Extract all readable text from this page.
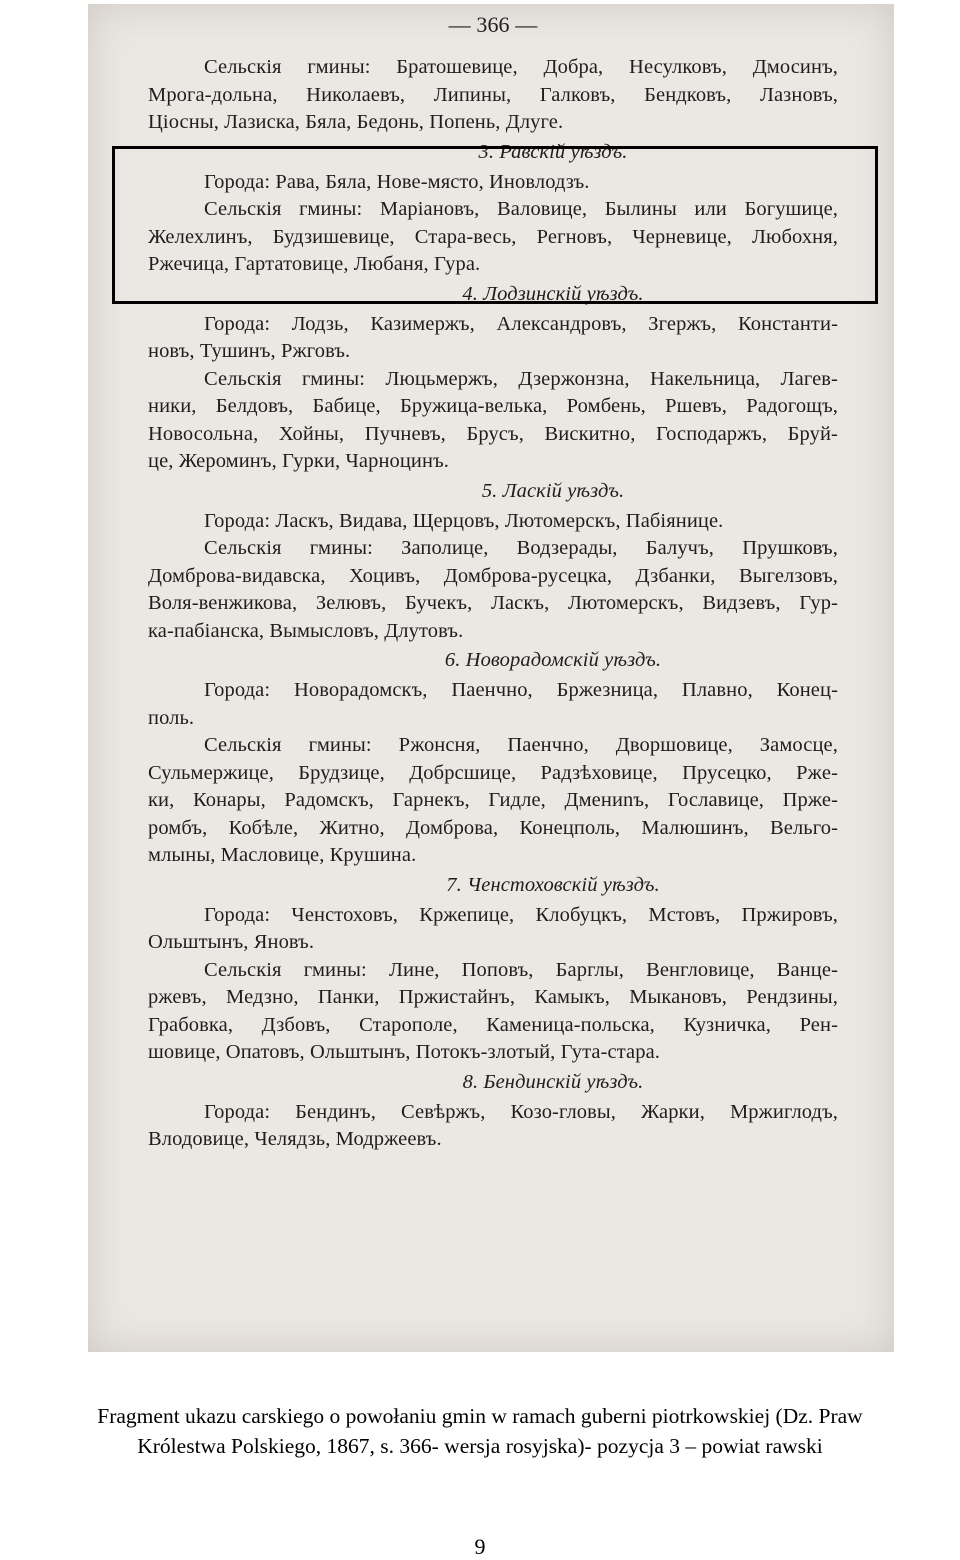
— 366 —
Сельскія гмины: Братошевице, Добра, Несулковъ, Дмосинъ,
Мрога-дольна, Николаевъ, Липины, Галковъ, Бендковъ, Лазновъ,
Ціосны, Лазиска, Бяла, Бедонь, Попень, Длуге.
3. Равскій уѣздъ.
Города: Рава, Бяла, Нове-място, Иновлодзъ.
Сельскія гмины: Маріановъ, Валовице, Былины или Богушице,
Желехлинъ, Будзишевице, Стара-весь, Регновъ, Черневице, Любохня,
Ржечица, Гартатовице, Любаня, Гура.
4. Лодзинскій уѣздъ.
Города: Лодзь, Казимержъ, Александровъ, Згержъ, Константи-
новъ, Тушинъ, Ржговъ.
Сельскія гмины: Люцьмержъ, Дзержонзна, Накельница, Лагев-
ники, Белдовъ, Бабице, Бружица-велька, Ромбень, Ршевъ, Радогощъ,
Новосольна, Хойны, Пучневъ, Брусъ, Вискитно, Господаржъ, Бруй-
це, Жероминъ, Гурки, Чарноцинъ.
5. Ласкій уѣздъ.
Города: Ласкъ, Видава, Щерцовъ, Лютомерскъ, Пабіянице.
Сельскія гмины: Заполице, Водзерады, Балучъ, Прушковъ,
Домброва-видавска, Хоцивъ, Домброва-русецка, Дзбанки, Выгелзовъ,
Воля-венжикова, Зелювъ, Бучекъ, Ласкъ, Лютомерскъ, Видзевъ, Гур-
ка-пабіанска, Вымысловъ, Длутовъ.
6. Новорадомскій уѣздъ.
Города: Новорадомскъ, Паенчно, Бржезница, Плавно, Конец-
поль.
Сельскія гмины: Ржонсня, Паенчно, Дворшовице, Замосце,
Сульмержице, Брудзице, Добрсшице, Радзѣховице, Прусецко, Ржe-
ки, Конары, Радомскъ, Гарнекъ, Гидле, Дмениnъ, Гославице, Прже-
ромбъ, Кобѣле, Житно, Домброва, Конецполь, Малюшинъ, Вельго-
млыны, Масловице, Крушина.
7. Ченстоховскій уѣздъ.
Города: Ченстоховъ, Кржепице, Клобуцкъ, Мстовъ, Пржировъ,
Ольштынъ, Яновъ.
Сельскія гмины: Лине, Поповъ, Барглы, Венгловице, Ванце-
ржевъ, Медзно, Панки, Пржистайнъ, Камыкъ, Мыкановъ, Рендзины,
Грабовка, Дзбовъ, Старополе, Каменица-польска, Кузничка, Рен-
шовице, Опатовъ, Ольштынъ, Потокъ-злотый, Гута-стара.
8. Бендинскій уѣздъ.
Города: Бендинъ, Севѣржъ, Козо-гловы, Жарки, Мржиглодъ,
Влодовице, Челядзь, Модржеевъ.
Fragment ukazu carskiego o powołaniu gmin w ramach guberni piotrkowskiej (Dz. Praw
Królestwa Polskiego, 1867, s. 366- wersja rosyjska)- pozycja 3 – powiat rawski
9
